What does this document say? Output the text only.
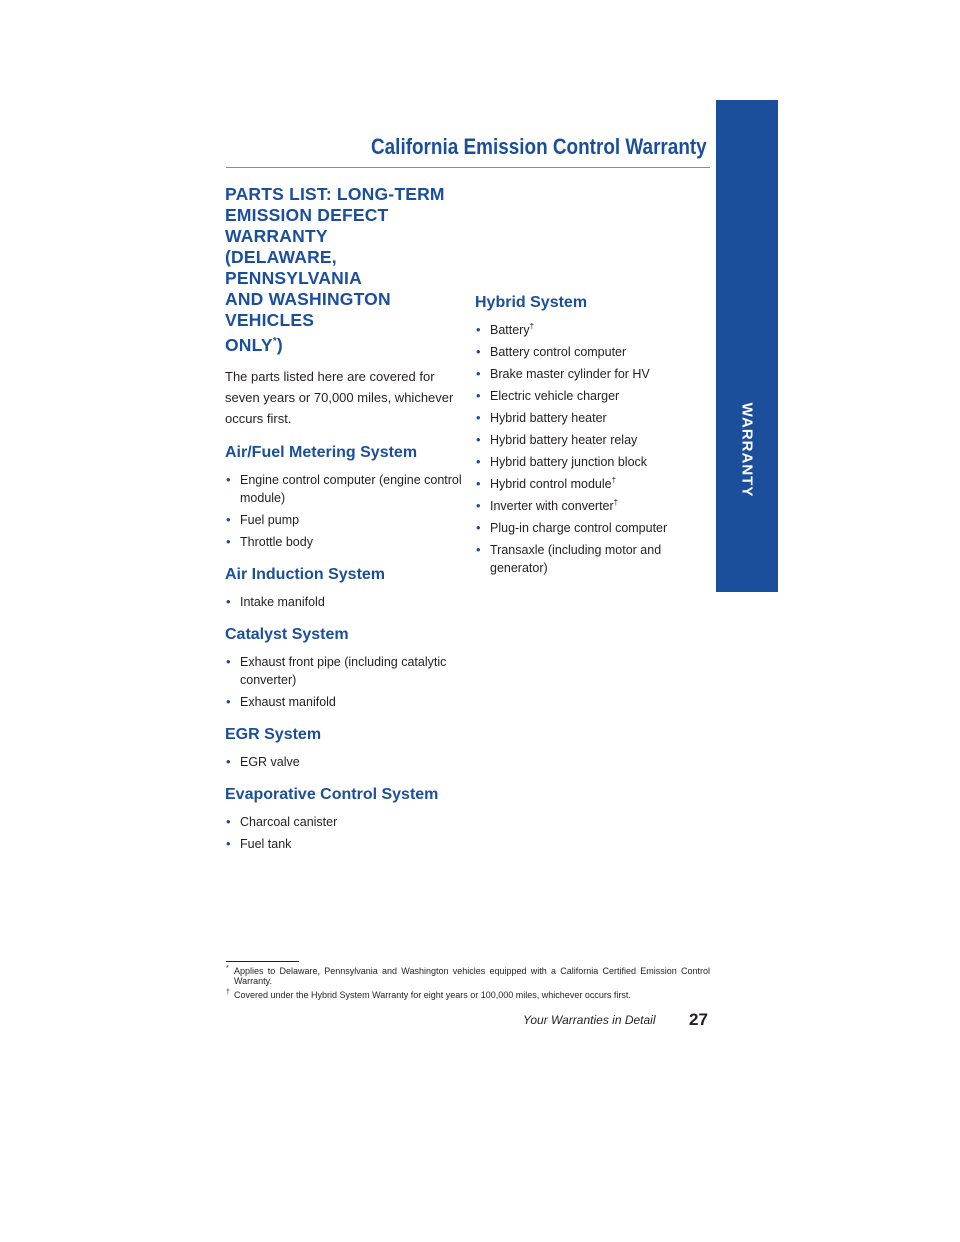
California Emission Control Warranty
WARRANTY
PARTS LIST: LONG-TERM
EMISSION DEFECT WARRANTY
(DELAWARE, PENNSYLVANIA
AND WASHINGTON VEHICLES
ONLY*)

The parts listed here are covered for seven years or 70,000 miles, whichever occurs first.

Air/Fuel Metering System
• Engine control computer (engine control module)
• Fuel pump
• Throttle body
Air Induction System
• Intake manifold
Catalyst System
• Exhaust front pipe (including catalytic converter)
• Exhaust manifold
EGR System
• EGR valve
Evaporative Control System
• Charcoal canister
• Fuel tank
Hybrid System
• Battery†
• Battery control computer
• Brake master cylinder for HV
• Electric vehicle charger
• Hybrid battery heater
• Hybrid battery heater relay
• Hybrid battery junction block
• Hybrid control module†
• Inverter with converter†
• Plug-in charge control computer
• Transaxle (including motor and generator)
* Applies to Delaware, Pennsylvania and Washington vehicles equipped with a California Certified Emission Control Warranty.
† Covered under the Hybrid System Warranty for eight years or 100,000 miles, whichever occurs first.
Your Warranties in Detail 27
